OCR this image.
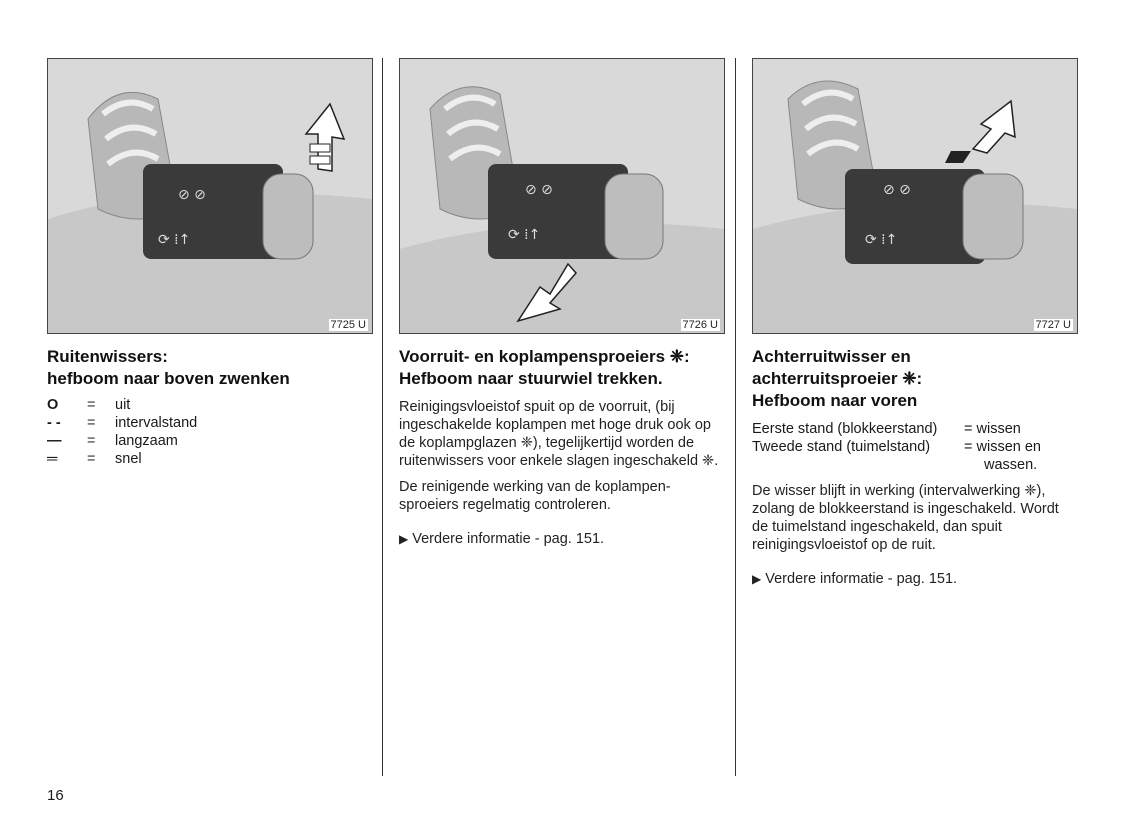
⊘ ⊘
⟳ ⁞↑
7725 U
Ruitenwissers:
hefboom naar boven zwenken
O	=	uit
- -	=	intervalstand
—	=	langzaam
═	=	snel
⊘ ⊘
⟳ ⁞↑
7726 U
Voorruit- en koplampensproeiers ❈:
Hefboom naar stuurwiel trekken.

Reinigingsvloeistof spuit op de voorruit, (bij ingeschakelde koplampen met hoge druk ook op de koplampglazen ❈), tegelijkertijd worden de ruitenwissers voor enkele slagen ingeschakeld ❈.

De reinigende werking van de koplampen-sproeiers regelmatig controleren.

▶ Verdere informatie - pag. 151.
⊘ ⊘
⟳ ⁞↑
7727 U
Achterruitwisser en
achterruitsproeier ❈:
Hefboom naar voren
Eerste stand (blokkeerstand)	= wissen
Tweede stand (tuimelstand)	= wissen en
wassen.

De wisser blijft in werking (intervalwerking ❈), zolang de blokkeerstand is ingeschakeld. Wordt de tuimelstand ingeschakeld, dan spuit reinigingsvloeistof op de ruit.

▶ Verdere informatie - pag. 151.
16
